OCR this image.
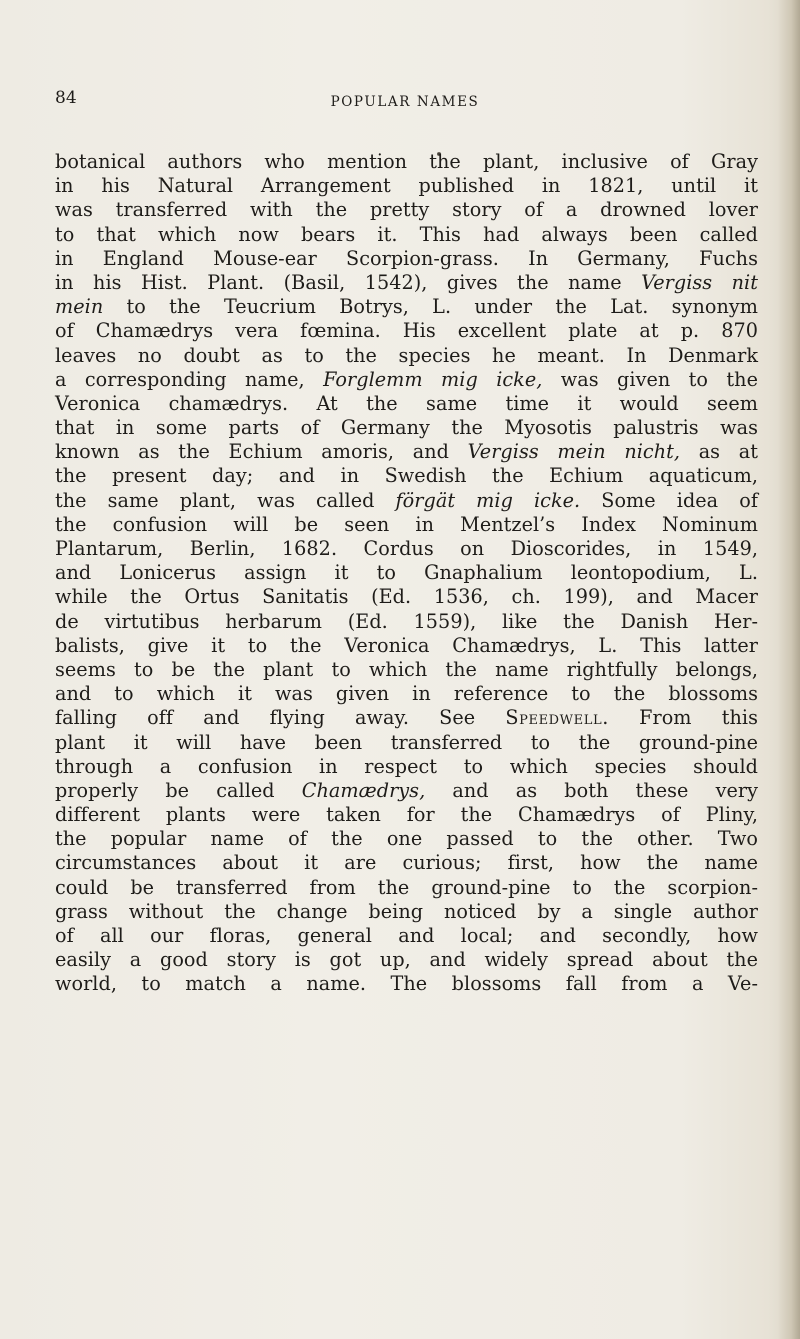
84	POPULAR NAMES
botanical authors who mention the plant, inclusive of Gray
in his Natural Arrangement published in 1821, until it
was transferred with the pretty story of a drowned lover
to that which now bears it. This had always been called
in England Mouse-ear Scorpion-grass. In Germany, Fuchs
in his Hist. Plant. (Basil, 1542), gives the name Vergiss nit
mein to the Teucrium Botrys, L. under the Lat. synonym
of Chamædrys vera fœmina. His excellent plate at p. 870
leaves no doubt as to the species he meant. In Denmark
a corresponding name, Forglemm mig icke, was given to the
Veronica chamædrys. At the same time it would seem
that in some parts of Germany the Myosotis palustris was
known as the Echium amoris, and Vergiss mein nicht, as at
the present day; and in Swedish the Echium aquaticum,
the same plant, was called förgät mig icke. Some idea of
the confusion will be seen in Mentzel’s Index Nominum
Plantarum, Berlin, 1682. Cordus on Dioscorides, in 1549,
and Lonicerus assign it to Gnaphalium leontopodium, L.
while the Ortus Sanitatis (Ed. 1536, ch. 199), and Macer
de virtutibus herbarum (Ed. 1559), like the Danish Her-
balists, give it to the Veronica Chamædrys, L. This latter
seems to be the plant to which the name rightfully belongs,
and to which it was given in reference to the blossoms
falling off and flying away. See Speedwell. From this
plant it will have been transferred to the ground-pine
through a confusion in respect to which species should
properly be called Chamædrys, and as both these very
different plants were taken for the Chamædrys of Pliny,
the popular name of the one passed to the other. Two
circumstances about it are curious; first, how the name
could be transferred from the ground-pine to the scorpion-
grass without the change being noticed by a single author
of all our floras, general and local; and secondly, how
easily a good story is got up, and widely spread about the
world, to match a name. The blossoms fall from a Ve-
